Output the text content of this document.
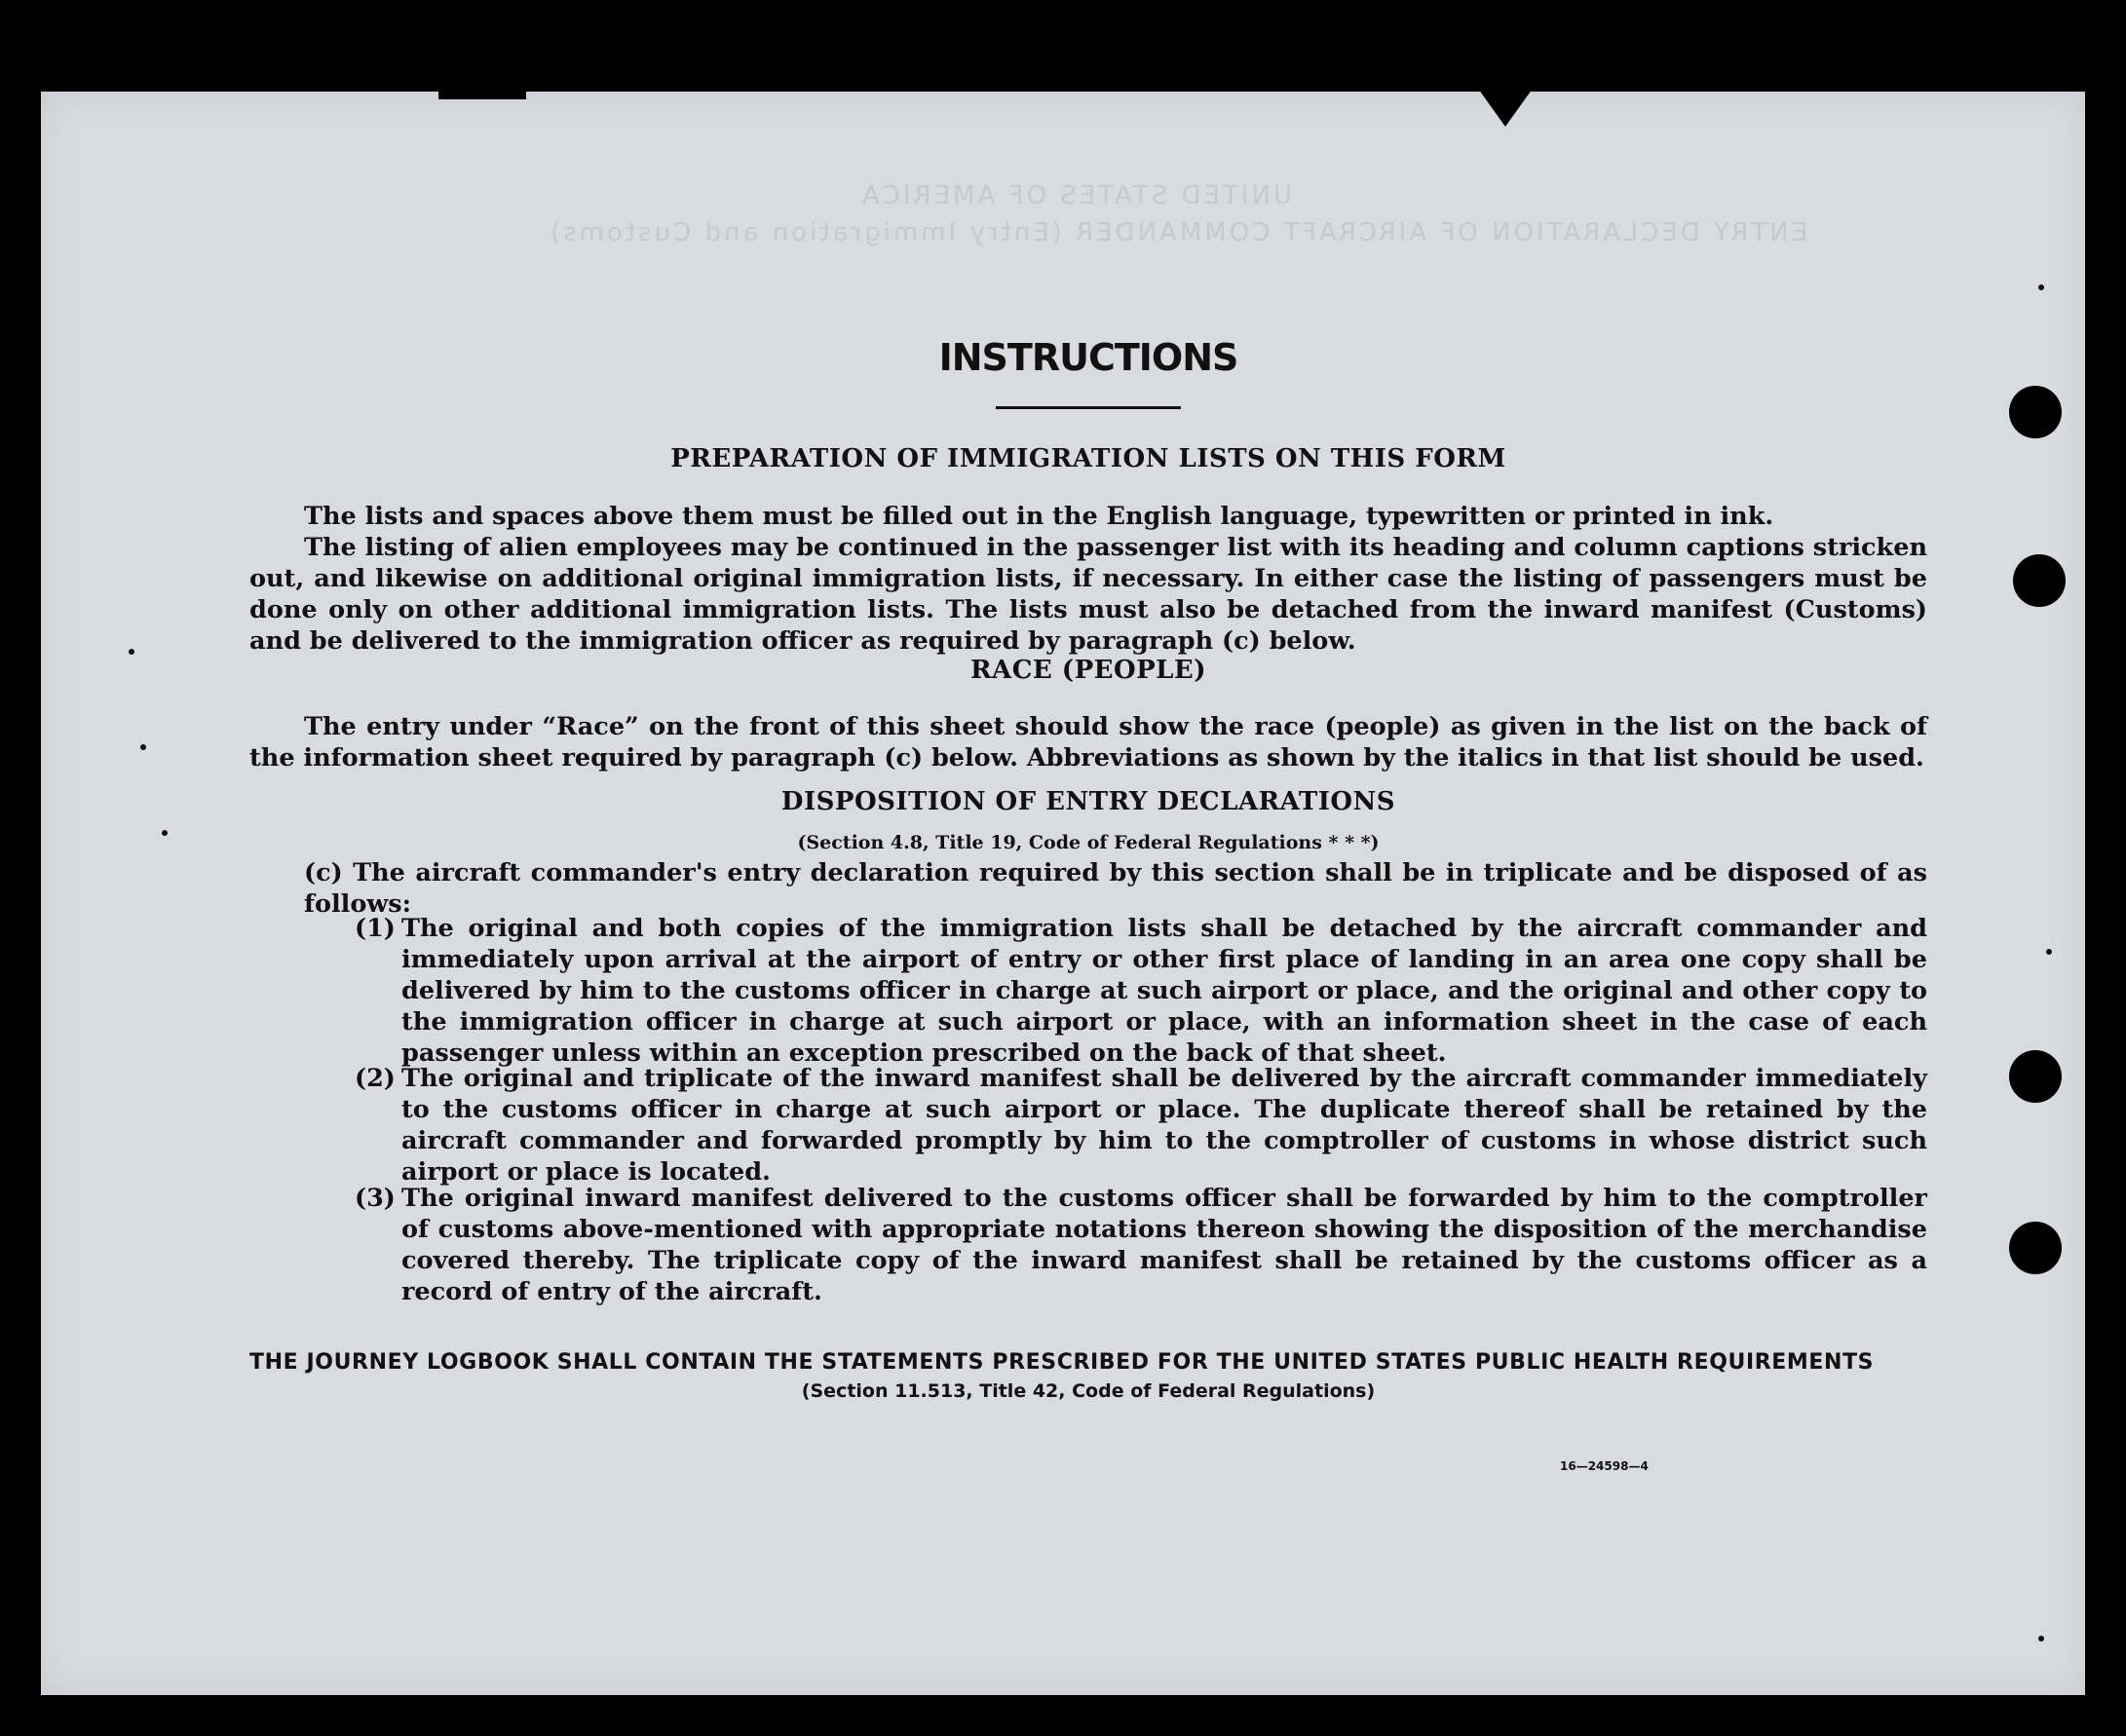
UNITED STATES OF AMERICA
ENTRY DECLARATION OF AIRCRAFT COMMANDER (Entry Immigration and Customs)
INSTRUCTIONS
PREPARATION OF IMMIGRATION LISTS ON THIS FORM
The lists and spaces above them must be filled out in the English language, typewritten or printed in ink.
The listing of alien employees may be continued in the passenger list with its heading and column captions stricken out, and likewise on additional original immigration lists, if necessary. In either case the listing of passengers must be done only on other additional immigration lists. The lists must also be detached from the inward manifest (Customs) and be delivered to the immigration officer as required by paragraph (c) below.
RACE (PEOPLE)
The entry under “Race” on the front of this sheet should show the race (people) as given in the list on the back of the information sheet required by paragraph (c) below. Abbreviations as shown by the italics in that list should be used.
DISPOSITION OF ENTRY DECLARATIONS
(Section 4.8, Title 19, Code of Federal Regulations * * *)
(c) The aircraft commander's entry declaration required by this section shall be in triplicate and be disposed of as follows:
(1) The original and both copies of the immigration lists shall be detached by the aircraft commander and immediately upon arrival at the airport of entry or other first place of landing in an area one copy shall be delivered by him to the customs officer in charge at such airport or place, and the original and other copy to the immigration officer in charge at such airport or place, with an information sheet in the case of each passenger unless within an exception prescribed on the back of that sheet.
(2) The original and triplicate of the inward manifest shall be delivered by the aircraft commander immediately to the customs officer in charge at such airport or place. The duplicate thereof shall be retained by the aircraft commander and forwarded promptly by him to the comptroller of customs in whose district such airport or place is located.
(3) The original inward manifest delivered to the customs officer shall be forwarded by him to the comptroller of customs above-mentioned with appropriate notations thereon showing the disposition of the merchandise covered thereby. The triplicate copy of the inward manifest shall be retained by the customs officer as a record of entry of the aircraft.
THE JOURNEY LOGBOOK SHALL CONTAIN THE STATEMENTS PRESCRIBED FOR THE UNITED STATES PUBLIC HEALTH REQUIREMENTS
(Section 11.513, Title 42, Code of Federal Regulations)
16—24598—4
